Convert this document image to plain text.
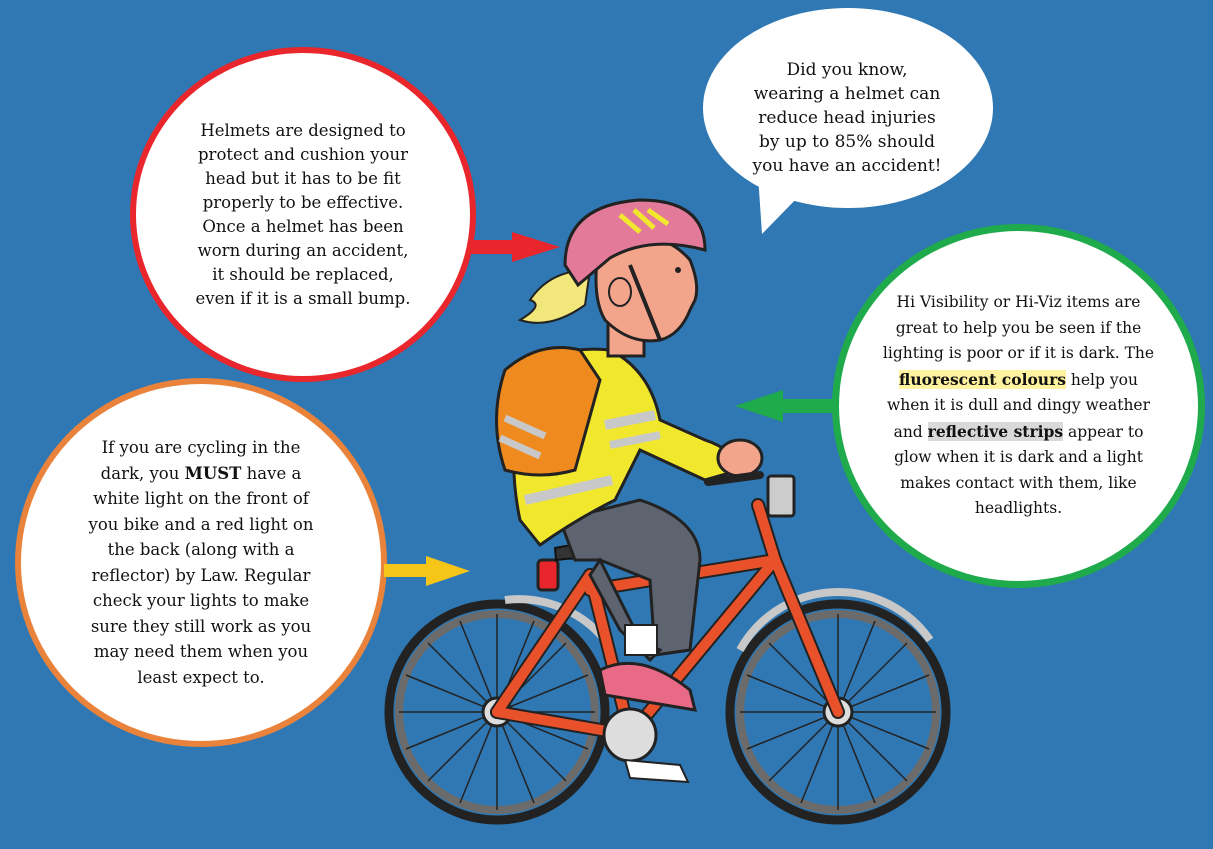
Did you know,
wearing a helmet can
reduce head injuries
by up to 85% should
you have an accident!
Helmets are designed to
protect and cushion your
head but it has to be fit
properly to be effective.
Once a helmet has been
worn during an accident,
it should be replaced,
even if it is a small bump.
If you are cycling in the
dark, you MUST have a
white light on the front of
you bike and a red light on
the back (along with a
reflector) by Law. Regular
check your lights to make
sure they still work as you
may need them when you
least expect to.
Hi Visibility or Hi-Viz items are great to help you be seen if the lighting is poor or if it is dark. The fluorescent colours help you when it is dull and dingy weather and reflective strips appear to glow when it is dark and a light makes contact with them, like headlights.
